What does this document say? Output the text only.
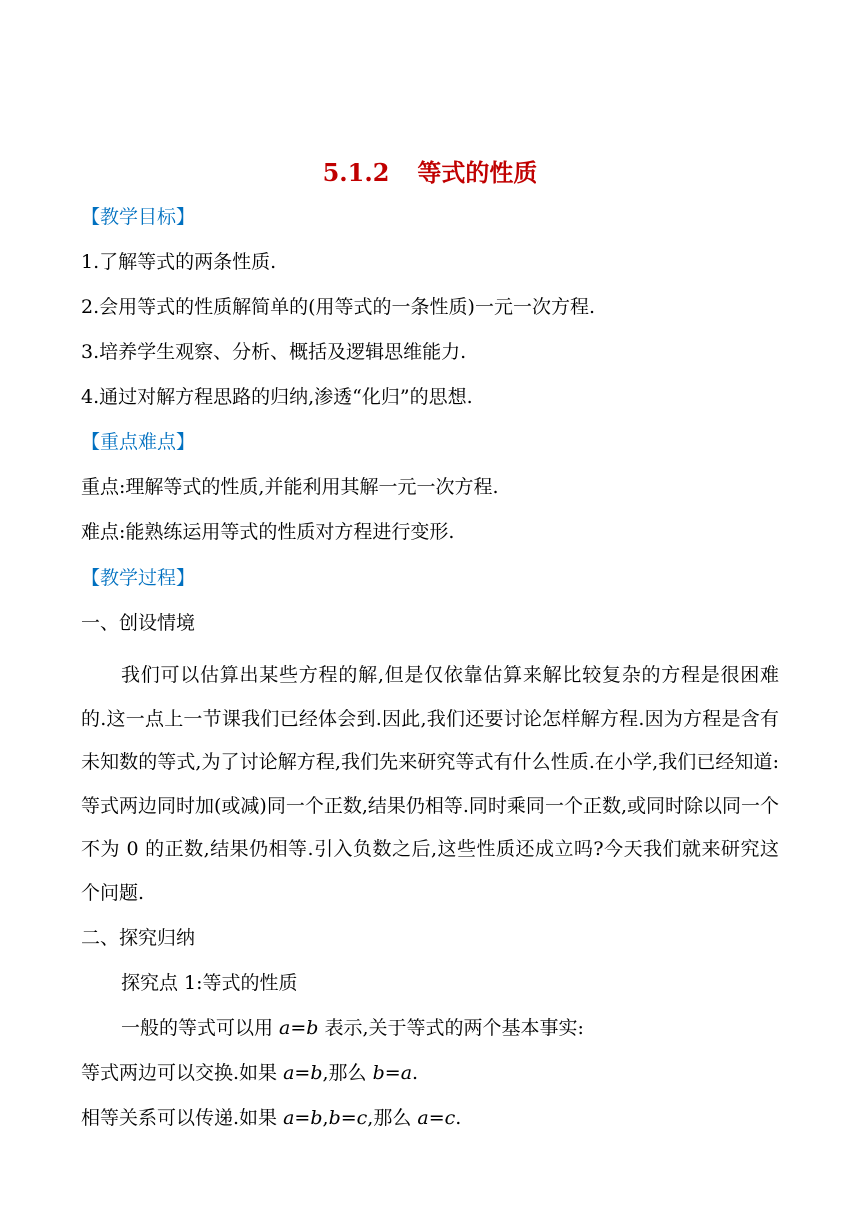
5.1.2 等式的性质
【教学目标】
1.了解等式的两条性质.
2.会用等式的性质解简单的(用等式的一条性质)一元一次方程.
3.培养学生观察、分析、概括及逻辑思维能力.
4.通过对解方程思路的归纳,渗透“化归”的思想.
【重点难点】
重点:理解等式的性质,并能利用其解一元一次方程.
难点:能熟练运用等式的性质对方程进行变形.
【教学过程】
一、创设情境
我们可以估算出某些方程的解,但是仅依靠估算来解比较复杂的方程是很困难的.这一点上一节课我们已经体会到.因此,我们还要讨论怎样解方程.因为方程是含有未知数的等式,为了讨论解方程,我们先来研究等式有什么性质.在小学,我们已经知道:等式两边同时加(或减)同一个正数,结果仍相等.同时乘同一个正数,或同时除以同一个不为 0 的正数,结果仍相等.引入负数之后,这些性质还成立吗?今天我们就来研究这个问题.
二、探究归纳
探究点 1:等式的性质
一般的等式可以用 a=b 表示,关于等式的两个基本事实:
等式两边可以交换.如果 a=b,那么 b=a.
相等关系可以传递.如果 a=b,b=c,那么 a=c.
